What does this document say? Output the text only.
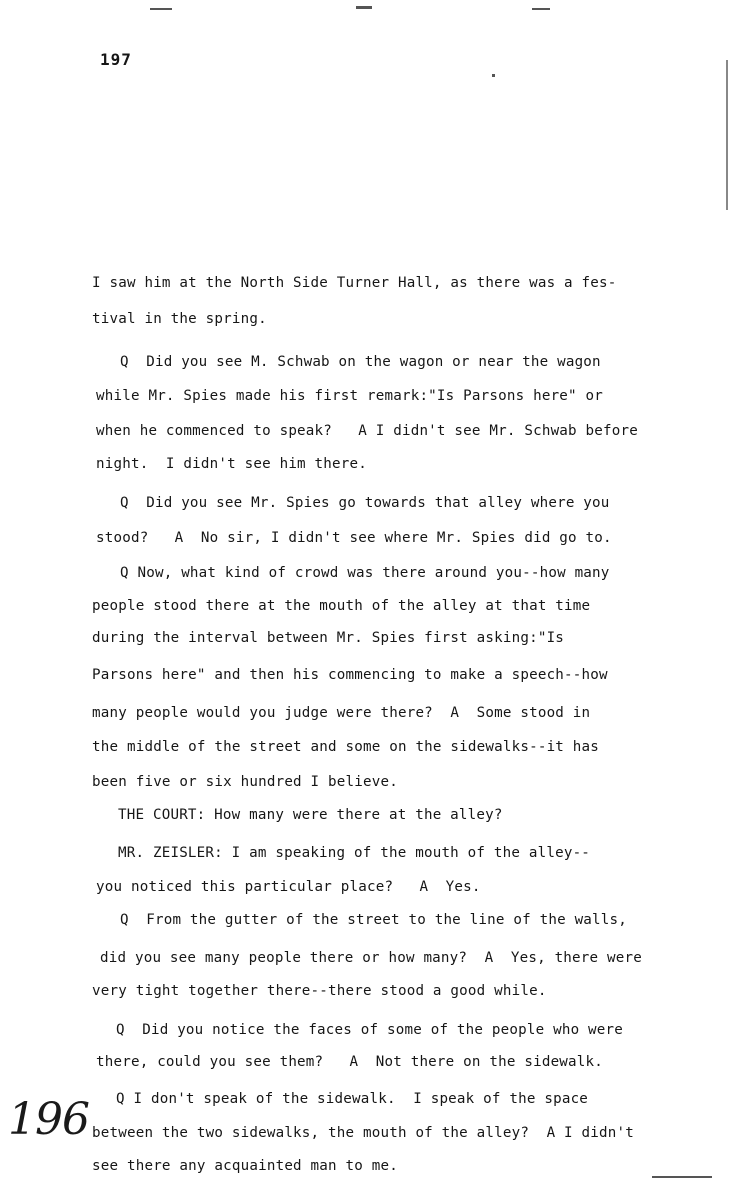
197
I saw him at the North Side Turner Hall, as there was a fes-
tival in the spring.
Q  Did you see M. Schwab on the wagon or near the wagon
while Mr. Spies made his first remark:"Is Parsons here" or
when he commenced to speak?   A I didn't see Mr. Schwab before
night.  I didn't see him there.
Q  Did you see Mr. Spies go towards that alley where you
stood?   A  No sir, I didn't see where Mr. Spies did go to.
Q Now, what kind of crowd was there around you--how many
people stood there at the mouth of the alley at that time
during the interval between Mr. Spies first asking:"Is
Parsons here" and then his commencing to make a speech--how
many people would you judge were there?  A  Some stood in
the middle of the street and some on the sidewalks--it has
been five or six hundred I believe.
THE COURT: How many were there at the alley?
MR. ZEISLER: I am speaking of the mouth of the alley--
you noticed this particular place?   A  Yes.
Q  From the gutter of the street to the line of the walls,
did you see many people there or how many?  A  Yes, there were
very tight together there--there stood a good while.
Q  Did you notice the faces of some of the people who were
there, could you see them?   A  Not there on the sidewalk.
Q I don't speak of the sidewalk.  I speak of the space
between the two sidewalks, the mouth of the alley?  A I didn't
see there any acquainted man to me.
196
